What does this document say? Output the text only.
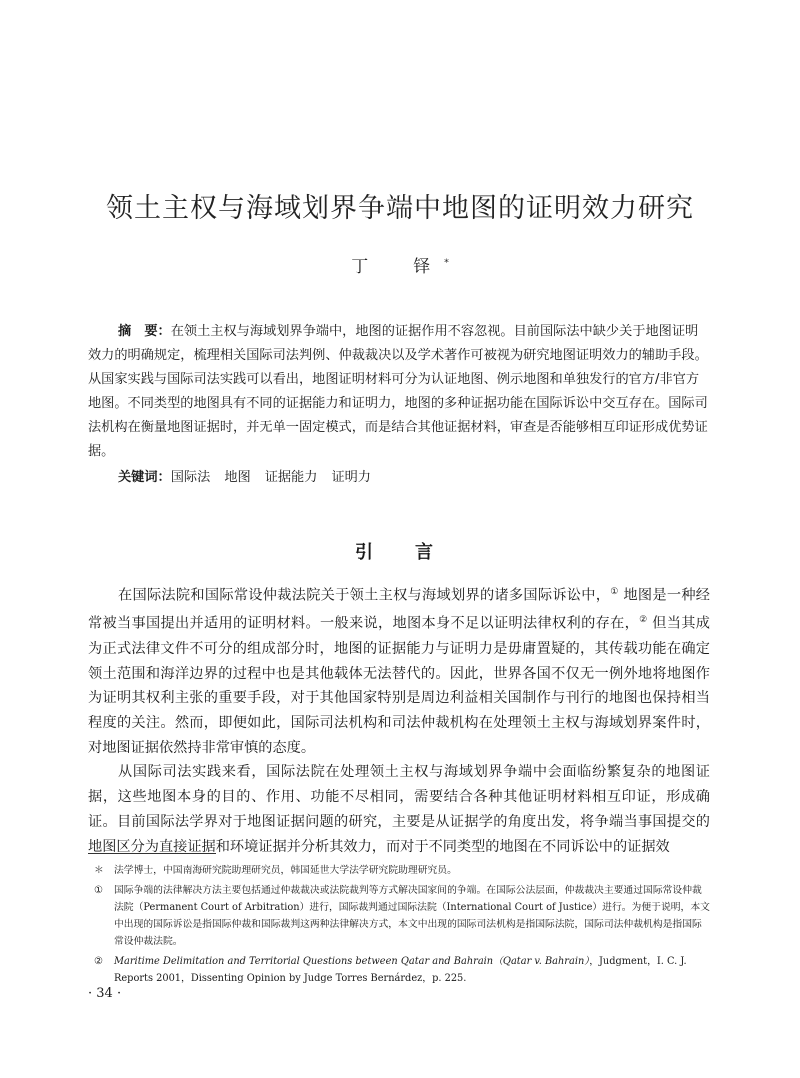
领土主权与海域划界争端中地图的证明效力研究
丁　铎*

摘　要：在领土主权与海域划界争端中，地图的证据作用不容忽视。目前国际法中缺少关于地图证明效力的明确规定，梳理相关国际司法判例、仲裁裁决以及学术著作可被视为研究地图证明效力的辅助手段。从国家实践与国际司法实践可以看出，地图证明材料可分为认证地图、例示地图和单独发行的官方/非官方地图。不同类型的地图具有不同的证据能力和证明力，地图的多种证据功能在国际诉讼中交互存在。国际司法机构在衡量地图证据时，并无单一固定模式，而是结合其他证据材料，审查是否能够相互印证形成优势证据。

关键词：国际法 地图 证据能力 证明力
引　言

在国际法院和国际常设仲裁法院关于领土主权与海域划界的诸多国际诉讼中，① 地图是一种经常被当事国提出并适用的证明材料。一般来说，地图本身不足以证明法律权利的存在，② 但当其成为正式法律文件不可分的组成部分时，地图的证据能力与证明力是毋庸置疑的，其传载功能在确定领土范围和海洋边界的过程中也是其他载体无法替代的。因此，世界各国不仅无一例外地将地图作为证明其权利主张的重要手段，对于其他国家特别是周边利益相关国制作与刊行的地图也保持相当程度的关注。然而，即便如此，国际司法机构和司法仲裁机构在处理领土主权与海域划界案件时，对地图证据依然持非常审慎的态度。

从国际司法实践来看，国际法院在处理领土主权与海域划界争端中会面临纷繁复杂的地图证据，这些地图本身的目的、作用、功能不尽相同，需要结合各种其他证明材料相互印证，形成确证。目前国际法学界对于地图证据问题的研究，主要是从证据学的角度出发，将争端当事国提交的地图区分为直接证据和环境证据并分析其效力，而对于不同类型的地图在不同诉讼中的证据效

＊ 法学博士，中国南海研究院助理研究员，韩国延世大学法学研究院助理研究员。
① 国际争端的法律解决方法主要包括通过仲裁裁决或法院裁判等方式解决国家间的争端。在国际公法层面，仲裁裁决主要通过国际常设仲裁法院（Permanent Court of Arbitration）进行，国际裁判通过国际法院（International Court of Justice）进行。为便于说明，本文中出现的国际诉讼是指国际仲裁和国际裁判这两种法律解决方式，本文中出现的国际司法机构是指国际法院，国际司法仲裁机构是指国际常设仲裁法院。
② Maritime Delimitation and Territorial Questions between Qatar and Bahrain（Qatar v. Bahrain），Judgment，I. C. J. Reports 2001，Dissenting Opinion by Judge Torres Bernárdez，p. 225.
· 34 ·
